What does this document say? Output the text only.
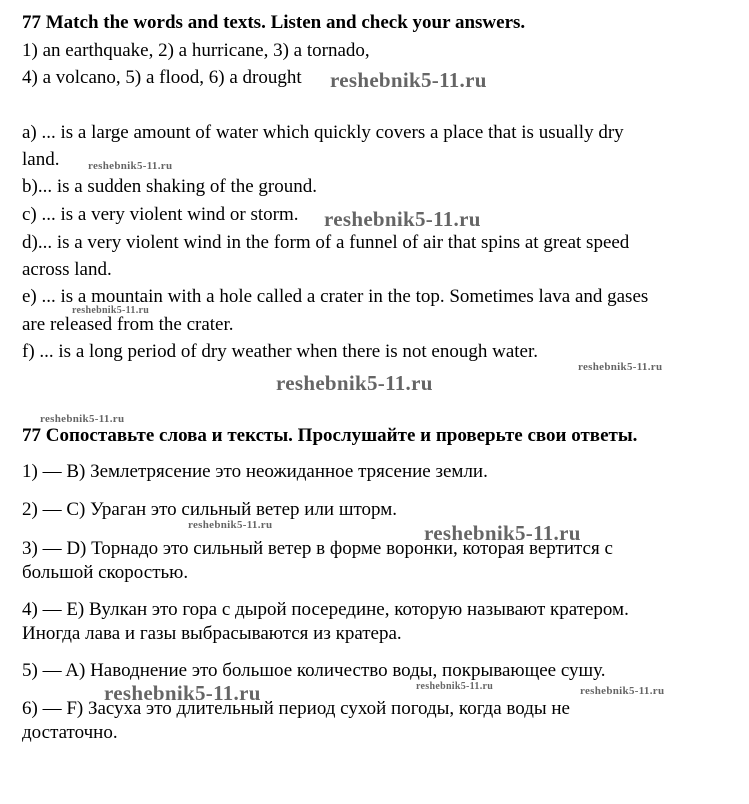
77 Match the words and texts. Listen and check your answers.
1) an earthquake, 2) a hurricane, 3) a tornado,
4) a volcano, 5) a flood, 6) a drought
a) ... is a large amount of water which quickly covers a place that is usually dry
land.
b)... is a sudden shaking of the ground.
c) ... is a very violent wind or storm.
d)... is a very violent wind in the form of a funnel of air that spins at great speed
across land.
e) ... is a mountain with a hole called a crater in the top. Sometimes lava and gases
are released from the crater.
f) ... is a long period of dry weather when there is not enough water.
77 Сопоставьте слова и тексты. Прослушайте и проверьте свои ответы.
1) — B) Землетрясение это неожиданное трясение земли.
2) — C) Ураган это сильный ветер или шторм.
3) — D) Торнадо это сильный ветер в форме воронки, которая вертится с
большой скоростью.
4) — E) Вулкан это гора с дырой посередине, которую называют кратером.
Иногда лава и газы выбрасываются из кратера.
5) — A) Наводнение это большое количество воды, покрывающее сушу.
6) — F) Засуха это длительный период сухой погоды, когда воды не
достаточно.
reshebnik5-11.ru
reshebnik5-11.ru
reshebnik5-11.ru
reshebnik5-11.ru
reshebnik5-11.ru
reshebnik5-11.ru
reshebnik5-11.ru
reshebnik5-11.ru	reshebnik5-11.ru
reshebnik5-11.ru	reshebnik5-11.ru	reshebnik5-11.ru
